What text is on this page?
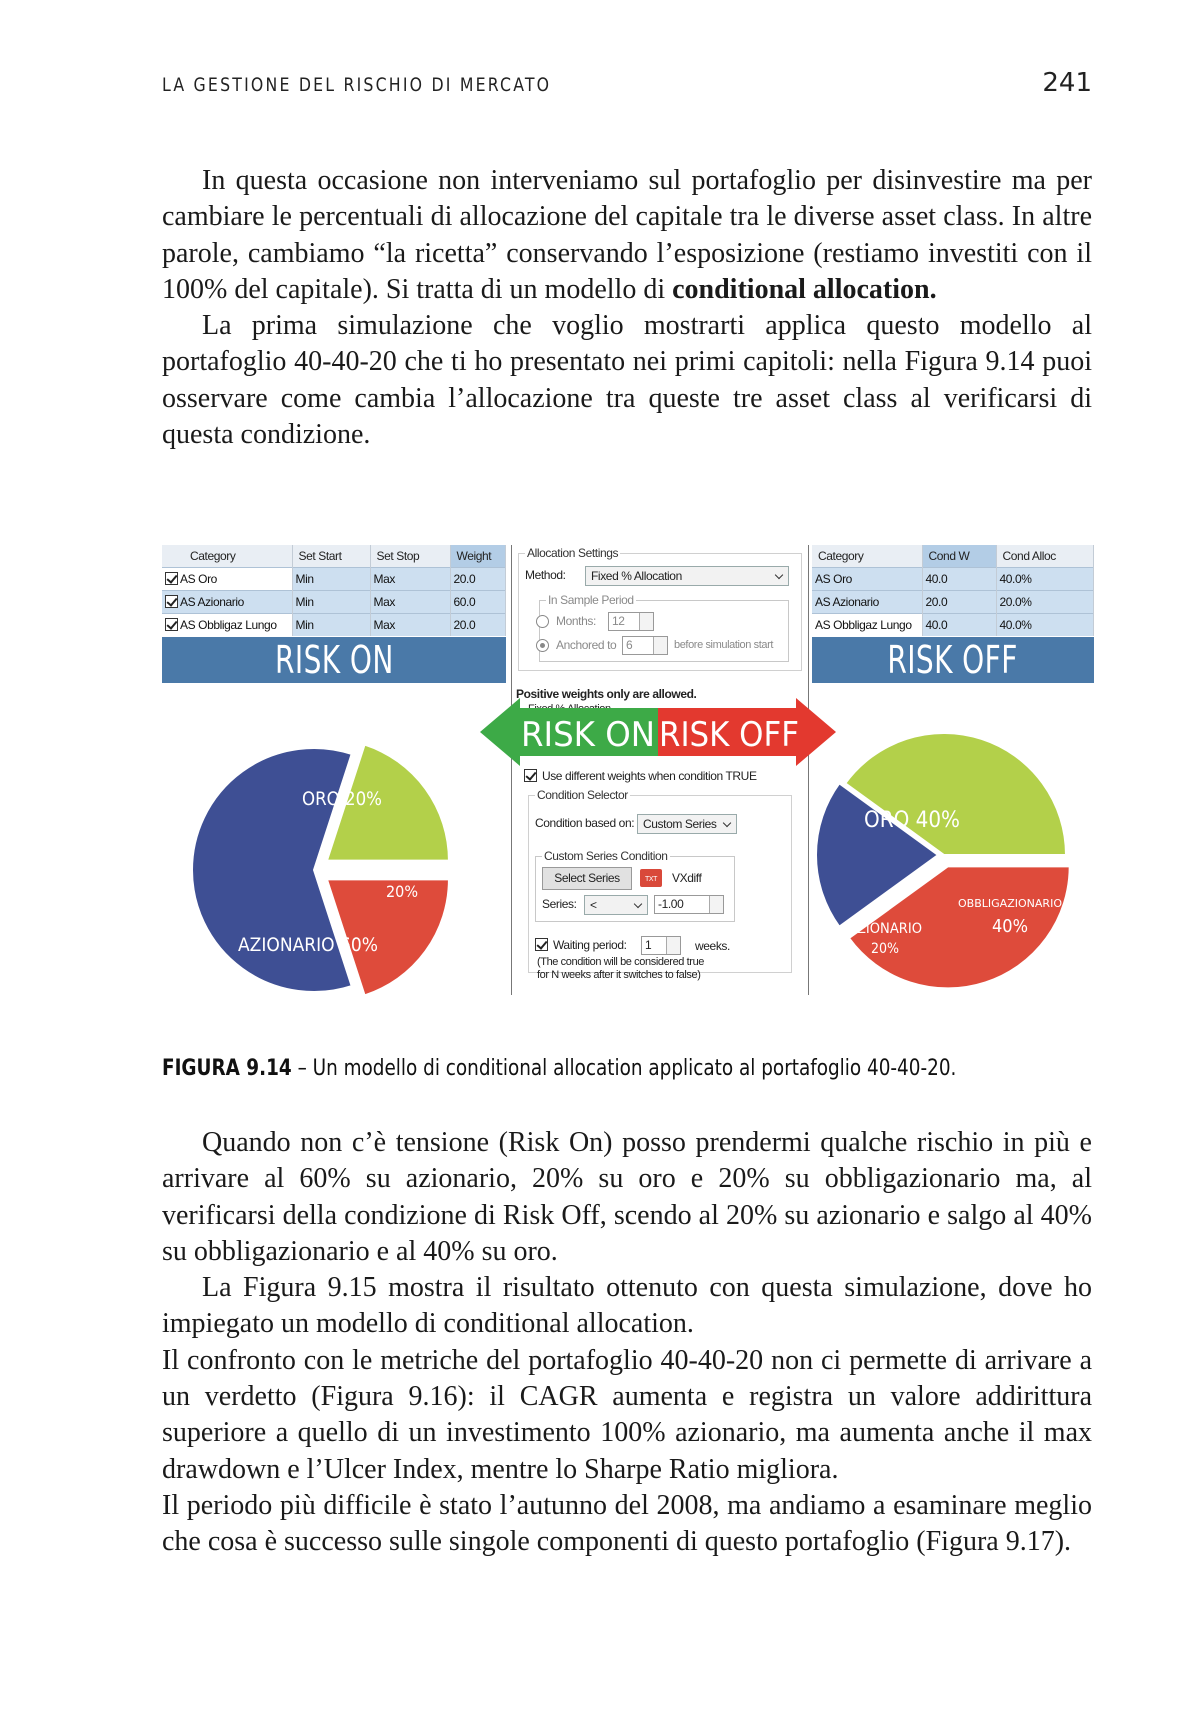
LA GESTIONE DEL RISCHIO DI MERCATO	241

In questa occasione non interveniamo sul portafoglio per disinvestire ma per cambiare le percentuali di allocazione del capitale tra le diverse asset class. In altre parole, cambiamo “la ricetta” conservando l’esposizione (restiamo investiti con il 100% del capitale). Si tratta di un modello di conditional allocation.

La prima simulazione che voglio mostrarti applica questo modello al portafoglio 40-40-20 che ti ho presentato nei primi capitoli: nella Figura 9.14 puoi osservare come cambia l’allocazione tra queste tre asset class al verificarsi di questa condizione.

Category	Set Start	Set Stop	Weight
AS Oro	Min	Max	20.0
AS Azionario	Min	Max	60.0
AS Obbligaz Lungo	Min	Max	20.0
RISK ON
Category	Cond W	Cond Alloc
AS Oro	40.0	40.0%
AS Azionario	20.0	20.0%
AS Obbligaz Lungo	40.0	40.0%
RISK OFF
Allocation Settings
Method:	Fixed % Allocation
In Sample Period
Months:	12
Anchored to 6	before simulation start
Positive weights only are allowed.
Use different weights when condition TRUE
Condition Selector
Condition based on: Custom Series
Custom Series Condition
Select Series	TXT	VXdiff
Series:	<	-1.00
Waiting period:	1	weeks.
(The condition will be considered true
for N weeks after it switches to false)
RISK ON RISK OFF
ORO 20%
OBBLIGAZIONARIO
20%
AZIONARIO 60%
ORO 40%
OBBLIGAZIONARIO
40%
AZIONARIO
20%
FIGURA 9.14 – Un modello di conditional allocation applicato al portafoglio 40-40-20.

Quando non c’è tensione (Risk On) posso prendermi qualche rischio in più e arrivare al 60% su azionario, 20% su oro e 20% su obbligazionario ma, al verificarsi della condizione di Risk Off, scendo al 20% su azionario e salgo al 40% su obbligazionario e al 40% su oro.

La Figura 9.15 mostra il risultato ottenuto con questa simulazione, dove ho impiegato un modello di conditional allocation.

Il confronto con le metriche del portafoglio 40-40-20 non ci permette di arrivare a un verdetto (Figura 9.16): il CAGR aumenta e registra un valore addirittura superiore a quello di un investimento 100% azionario, ma aumenta anche il max drawdown e l’Ulcer Index, mentre lo Sharpe Ratio migliora.

Il periodo più difficile è stato l’autunno del 2008, ma andiamo a esaminare meglio che cosa è successo sulle singole componenti di questo portafoglio (Figura 9.17).
